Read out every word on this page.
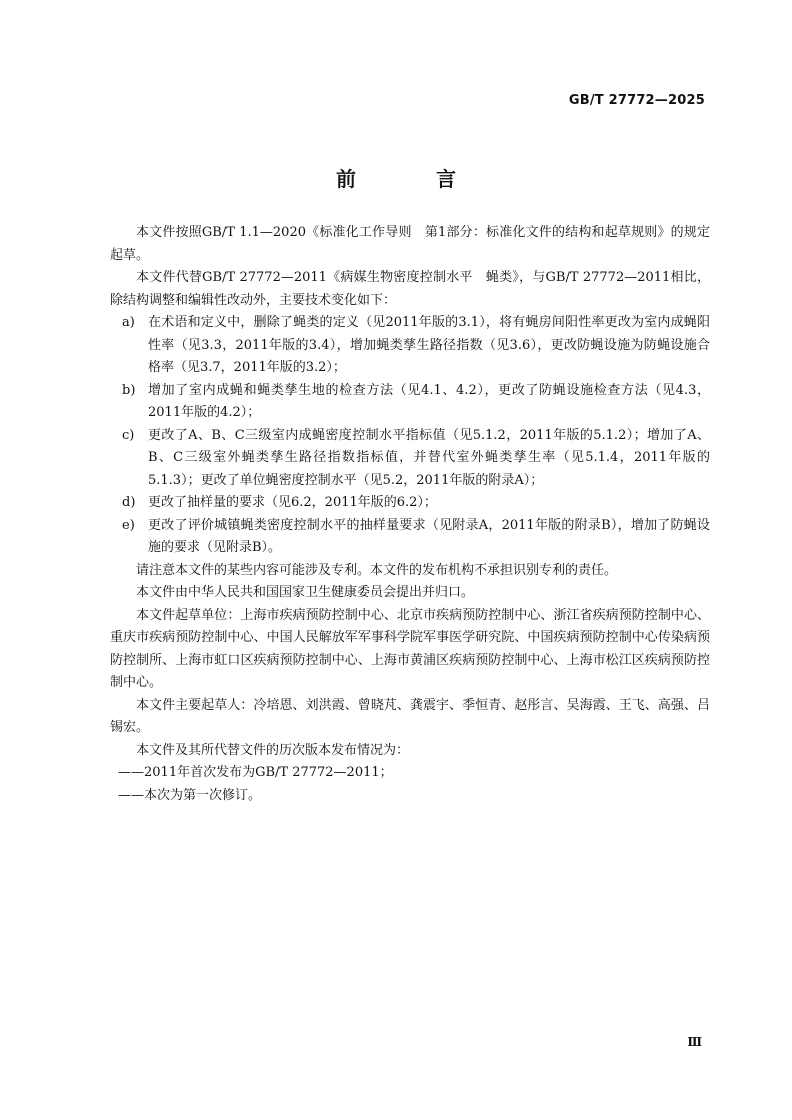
GB/T 27772—2025
前　言

本文件按照GB/T 1.1—2020《标准化工作导则　第1部分：标准化文件的结构和起草规则》的规定起草。

本文件代替GB/T 27772—2011《病媒生物密度控制水平　蝇类》，与GB/T 27772—2011相比，除结构调整和编辑性改动外，主要技术变化如下：

a)	在术语和定义中，删除了蝇类的定义（见2011年版的3.1），将有蝇房间阳性率更改为室内成蝇阳性率（见3.3，2011年版的3.4），增加蝇类孳生路径指数（见3.6），更改防蝇设施为防蝇设施合格率（见3.7，2011年版的3.2）；
b) 增加了室内成蝇和蝇类孳生地的检查方法（见4.1、4.2），更改了防蝇设施检查方法（见4.3，2011年版的4.2）；
c)	更改了A、B、C三级室内成蝇密度控制水平指标值（见5.1.2，2011年版的5.1.2）；增加了A、B、C三级室外蝇类孳生路径指数指标值，并替代室外蝇类孳生率（见5.1.4，2011年版的5.1.3）；更改了单位蝇密度控制水平（见5.2，2011年版的附录A）；
d) 更改了抽样量的要求（见6.2，2011年版的6.2）；
e)	更改了评价城镇蝇类密度控制水平的抽样量要求（见附录A，2011年版的附录B），增加了防蝇设施的要求（见附录B）。

请注意本文件的某些内容可能涉及专利。本文件的发布机构不承担识别专利的责任。

本文件由中华人民共和国国家卫生健康委员会提出并归口。

本文件起草单位：上海市疾病预防控制中心、北京市疾病预防控制中心、浙江省疾病预防控制中心、重庆市疾病预防控制中心、中国人民解放军军事科学院军事医学研究院、中国疾病预防控制中心传染病预防控制所、上海市虹口区疾病预防控制中心、上海市黄浦区疾病预防控制中心、上海市松江区疾病预防控制中心。

本文件主要起草人：冷培恩、刘洪霞、曾晓芃、龚震宇、季恒青、赵彤言、吴海霞、王飞、高强、吕锡宏。

本文件及其所代替文件的历次版本发布情况为：

——2011年首次发布为GB/T 27772—2011；

——本次为第一次修订。

Ⅲ
